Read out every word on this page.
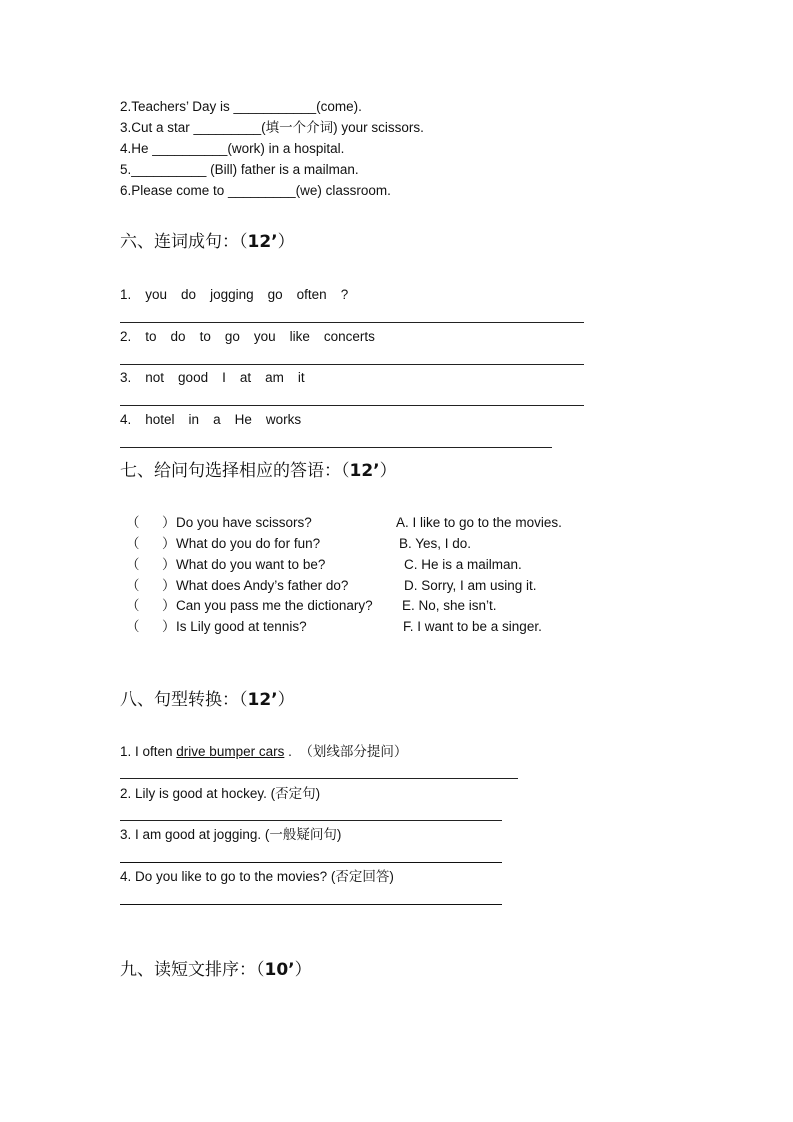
2.Teachers’ Day is ___________(come).
3.Cut a star _________(填一个介词) your scissors.
4.He __________(work) in a hospital.
5.__________ (Bill) father is a mailman.
6.Please come to _________(we) classroom.
六、连词成句：（12’）
1. you do jogging go often ?
2. to do to go you like concerts
3. not good I at am it
4. hotel in a He works
七、给问句选择相应的答语：（12’）
（      ） Do you have scissors?	A. I like to go to the movies.
（      ） What do you do for fun?	B. Yes, I do.
（      ） What do you want to be?	C. He is a mailman.
（      ） What does Andy’s father do?	D. Sorry, I am using it.
（      ） Can you pass me the dictionary? E. No, she isn’t.
（      ） Is Lily good at tennis?	F. I want to be a singer.
八、句型转换：（12’）
1. I often drive bumper cars .  （划线部分提问）
2. Lily is good at hockey. (否定句)
3. I am good at jogging. (一般疑问句)
4. Do you like to go to the movies? (否定回答)
九、读短文排序：（10’）
